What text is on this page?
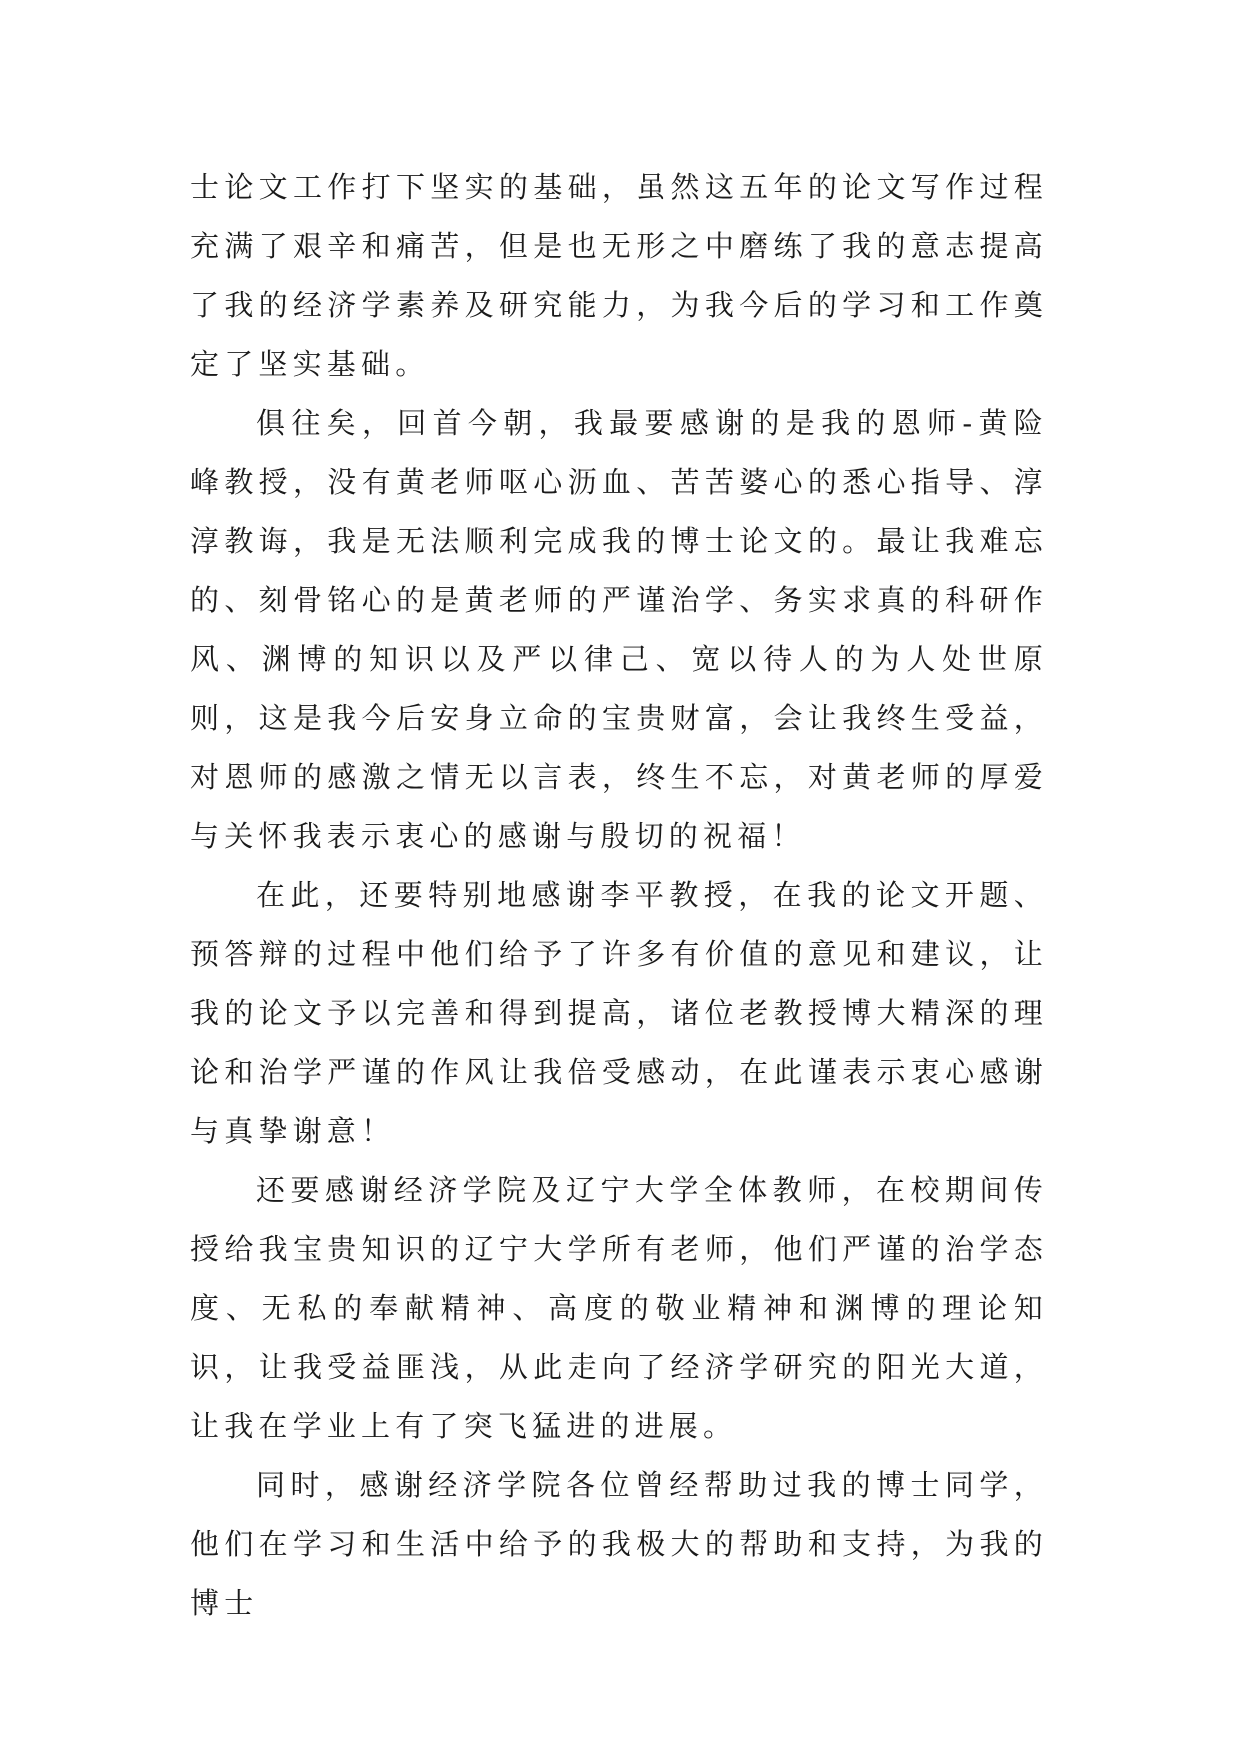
士论文工作打下坚实的基础，虽然这五年的论文写作过程充满了艰辛和痛苦，但是也无形之中磨练了我的意志提高了我的经济学素养及研究能力，为我今后的学习和工作奠定了坚实基础。

俱往矣，回首今朝，我最要感谢的是我的恩师-黄险峰教授，没有黄老师呕心沥血、苦苦婆心的悉心指导、淳淳教诲，我是无法顺利完成我的博士论文的。最让我难忘的、刻骨铭心的是黄老师的严谨治学、务实求真的科研作风、渊博的知识以及严以律己、宽以待人的为人处世原则，这是我今后安身立命的宝贵财富，会让我终生受益，对恩师的感激之情无以言表，终生不忘，对黄老师的厚爱与关怀我表示衷心的感谢与殷切的祝福！

在此，还要特别地感谢李平教授，在我的论文开题、预答辩的过程中他们给予了许多有价值的意见和建议，让我的论文予以完善和得到提高，诸位老教授博大精深的理论和治学严谨的作风让我倍受感动，在此谨表示衷心感谢与真挚谢意！

还要感谢经济学院及辽宁大学全体教师，在校期间传授给我宝贵知识的辽宁大学所有老师，他们严谨的治学态度、无私的奉献精神、高度的敬业精神和渊博的理论知识，让我受益匪浅，从此走向了经济学研究的阳光大道，让我在学业上有了突飞猛进的进展。

同时，感谢经济学院各位曾经帮助过我的博士同学，他们在学习和生活中给予的我极大的帮助和支持，为我的博士
